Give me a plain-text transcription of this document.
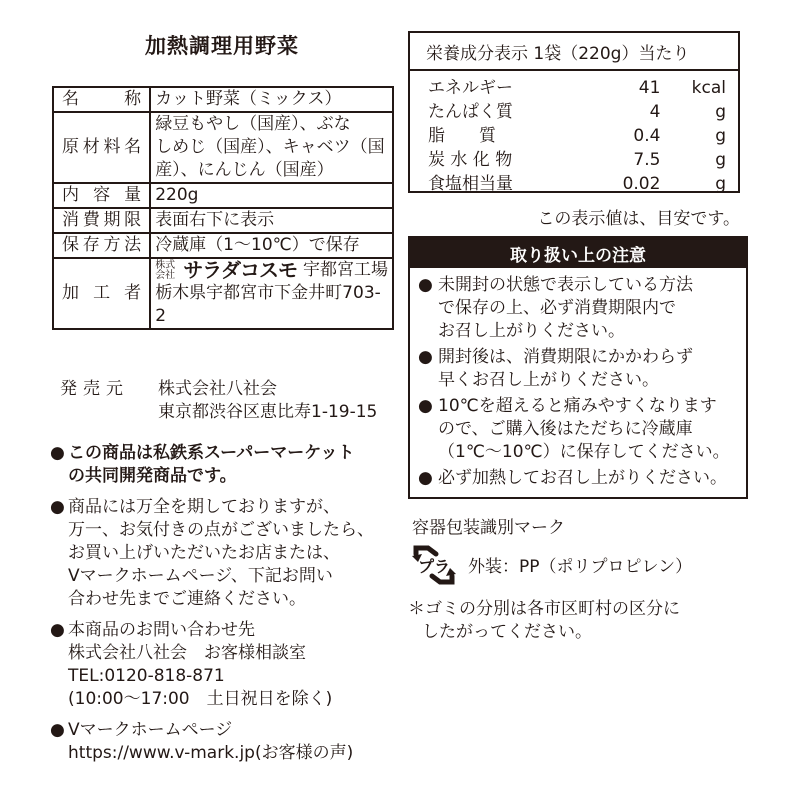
加熱調理用野菜
名　称	カット野菜（ミックス）

原材料名	緑豆もやし（国産）、ぶな
しめじ（国産）、キャベツ（国
産）、にんじん（国産）

内容量	220g

消費期限	表面右下に表示

保存方法	冷蔵庫（1〜10℃）で保存

加工者	株式
会社 サラダコスモ 宇都宮工場
栃木県宇都宮市下金井町703-2
発売元	株式会社八社会
東京都渋谷区恵比寿1-19-15
● この商品は私鉄系スーパーマーケット
の共同開発商品です。
● 商品には万全を期しておりますが、
万一、お気付きの点がございましたら、
お買い上げいただいたお店または、
Vマークホームページ、下記お問い
合わせ先までご連絡ください。
● 本商品のお問い合わせ先
株式会社八社会　お客様相談室
TEL:0120-818-871
(10:00〜17:00　土日祝日を除く)
● Vマークホームページ
https://www.v-mark.jp(お客様の声)
栄養成分表示 1袋（220g）当たり
エネルギー	41	kcal
たんぱく質	4	g
脂　　質	0.4	g
炭 水 化 物	7.5	g
食塩相当量	0.02	g
この表示値は、目安です。
取り扱い上の注意
● 未開封の状態で表示している方法
で保存の上、必ず消費期限内で
お召し上がりください。
● 開封後は、消費期限にかかわらず
早くお召し上がりください。
● 10℃を超えると痛みやすくなります
ので、ご購入後はただちに冷蔵庫
（1℃〜10℃）に保存してください。
● 必ず加熱してお召し上がりください。
容器包装識別マーク
プラ 外装：PP（ポリプロピレン）
＊ゴミの分別は各市区町村の区分に
したがってください。
